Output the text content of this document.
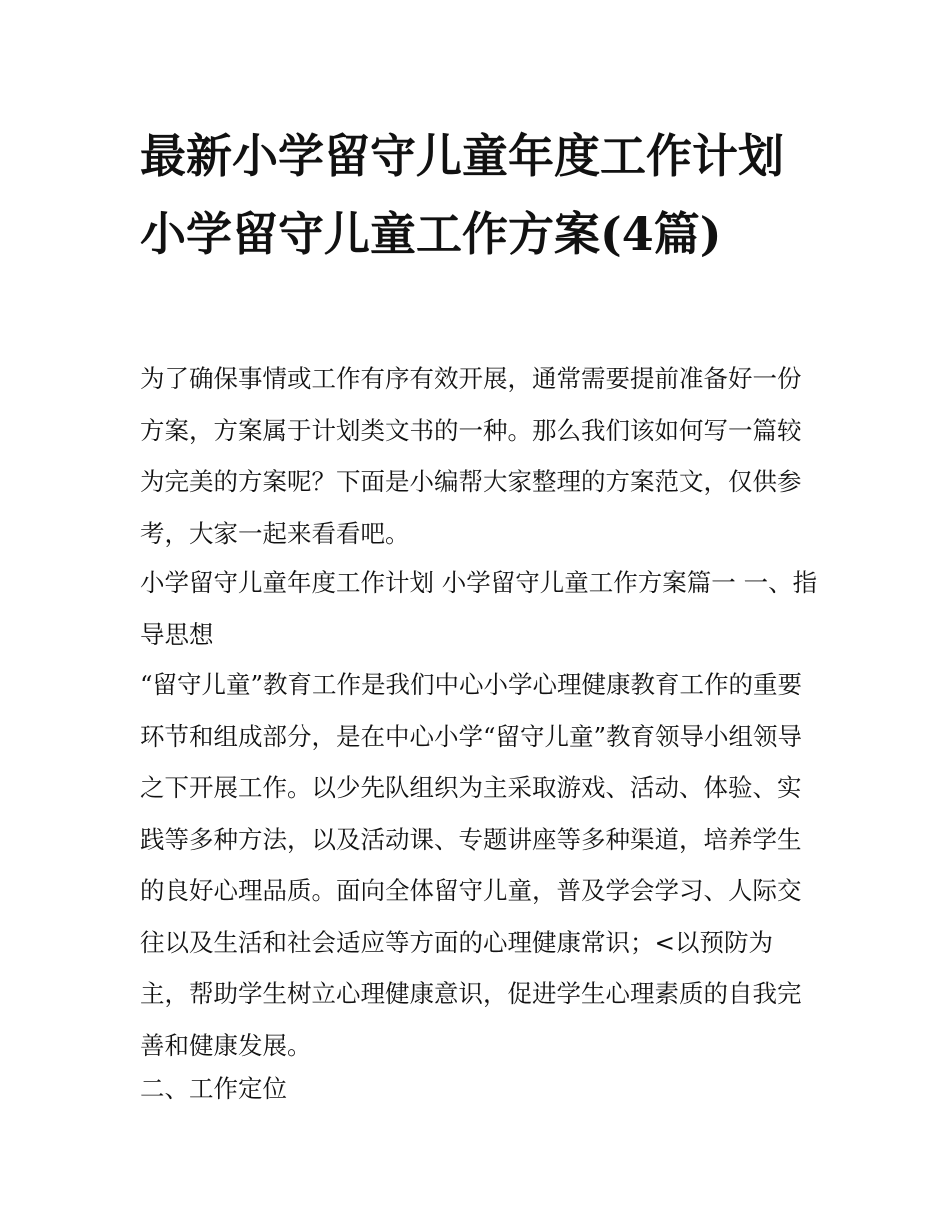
最新小学留守儿童年度工作计划 小学留守儿童工作方案(4篇)

为了确保事情或工作有序有效开展，通常需要提前准备好一份方案，方案属于计划类文书的一种。那么我们该如何写一篇较为完美的方案呢？下面是小编帮大家整理的方案范文，仅供参考，大家一起来看看吧。

小学留守儿童年度工作计划 小学留守儿童工作方案篇一 一、指导思想

“留守儿童”教育工作是我们中心小学心理健康教育工作的重要环节和组成部分，是在中心小学“留守儿童”教育领导小组领导之下开展工作。以少先队组织为主采取游戏、活动、体验、实践等多种方法，以及活动课、专题讲座等多种渠道，培养学生的良好心理品质。面向全体留守儿童，普及学会学习、人际交往以及生活和社会适应等方面的心理健康常识；<以预防为
主，帮助学生树立心理健康意识，促进学生心理素质的自我完善和健康发展。

二、工作定位
